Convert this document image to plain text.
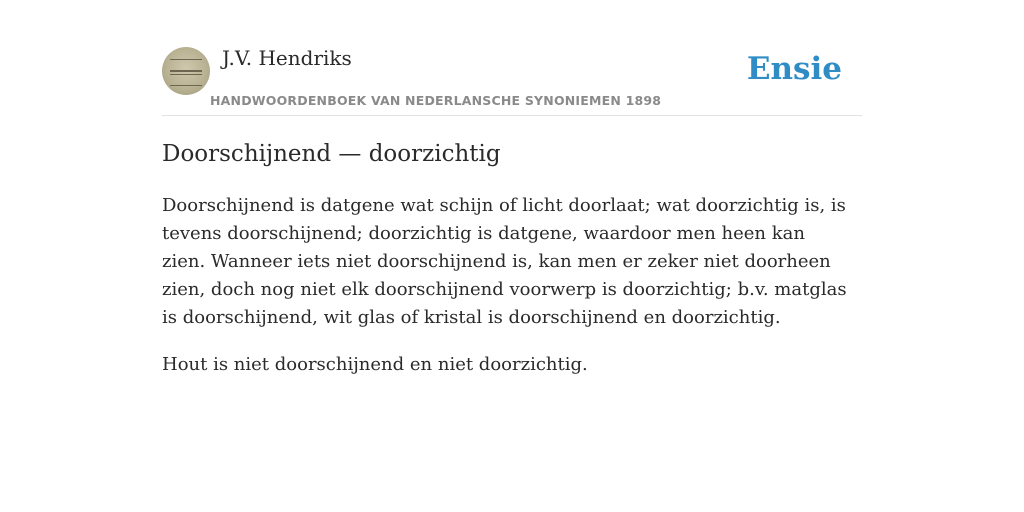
J.V. Hendriks
HANDWOORDENBOEK VAN NEDERLANSCHE SYNONIEMEN 1898
Ensie
Doorschijnend — doorzichtig

Doorschijnend is datgene wat schijn of licht doorlaat; wat doorzichtig is, is tevens doorschijnend; doorzichtig is datgene, waardoor men heen kan zien. Wanneer iets niet doorschijnend is, kan men er zeker niet doorheen zien, doch nog niet elk doorschijnend voorwerp is doorzichtig; b.v. matglas is doorschijnend, wit glas of kristal is doorschijnend en doorzichtig.

Hout is niet doorschijnend en niet doorzichtig.
